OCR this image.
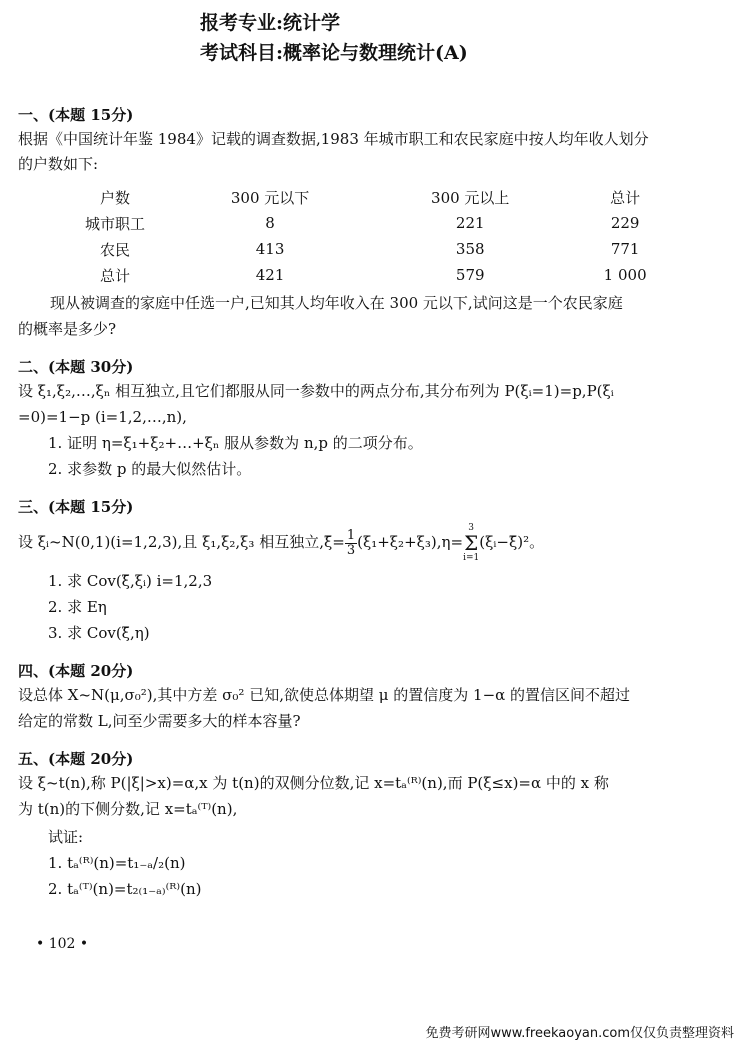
报考专业:统计学
考试科目:概率论与数理统计(A)
一、(本题 15分)
根据《中国统计年鉴 1984》记载的调查数据,1983 年城市职工和农民家庭中按人均年收人划分
的户数如下:
户数	300 元以下	300 元以上	总计
城市职工	8	221	229
农民	413	358	771
总计	421	579	1 000
现从被调查的家庭中任选一户,已知其人均年收入在 300 元以下,试问这是一个农民家庭
的概率是多少?
二、(本题 30分)
设 ξ₁,ξ₂,…,ξₙ 相互独立,且它们都服从同一参数中的两点分布,其分布列为 P(ξᵢ=1)=p,P(ξᵢ
=0)=1−p (i=1,2,…,n),
1. 证明 η=ξ₁+ξ₂+…+ξₙ 服从参数为 n,p 的二项分布。
2. 求参数 p 的最大似然估计。
三、(本题 15分)
设 ξᵢ~N(0,1)(i=1,2,3),且 ξ₁,ξ₂,ξ₃ 相互独立,ξ̄= $\frac{1}{3} (\xi_1+\xi_2+\xi_3),\eta=$
3
Σ
i=1
(ξᵢ−ξ̄)²。
1. 求 Cov(ξ̄,ξᵢ) i=1,2,3
2. 求 Eη
3. 求 Cov(ξ̄,η)
四、(本题 20分)
设总体 X~N(μ,σ₀²),其中方差 σ₀² 已知,欲使总体期望 μ 的置信度为 1−α 的置信区间不超过
给定的常数 L,问至少需要多大的样本容量?
五、(本题 20分)
设 ξ~t(n),称 P(|ξ|>x)=α,x 为 t(n)的双侧分位数,记 x=tₐ⁽ᴿ⁾(n),而 P(ξ≤x)=α 中的 x 称
为 t(n)的下侧分数,记 x=tₐ⁽ᵀ⁾(n),
试证:
1. tₐ⁽ᴿ⁾(n)=t₁₋ₐ/₂(n)
2. tₐ⁽ᵀ⁾(n)=t₂₍₁₋ₐ₎⁽ᴿ⁾(n)
• 102 •
免费考研网www.freekaoyan.com仅仅负责整理资料
